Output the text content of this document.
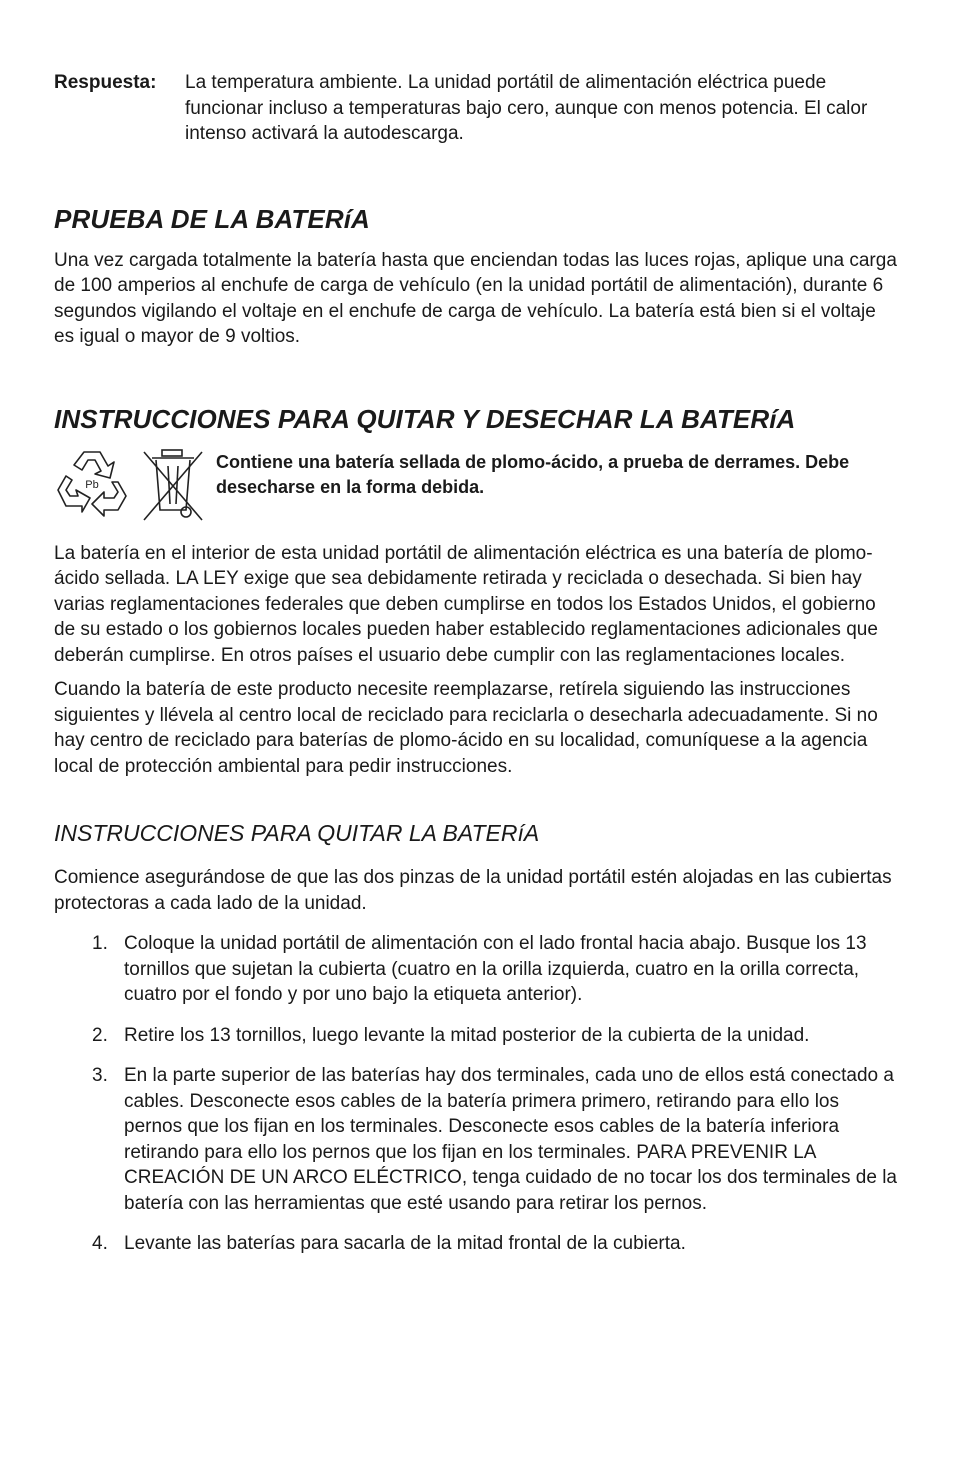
Respuesta:	La temperatura ambiente. La unidad portátil de alimentación eléctrica puede funcionar incluso a temperaturas bajo cero, aunque con menos potencia. El calor intenso activará la autodescarga.
PRUEBA DE LA BATERíA

Una vez cargada totalmente la batería hasta que enciendan todas las luces rojas, aplique una carga de 100 amperios al enchufe de carga de vehículo (en la unidad portátil de alimentación), durante 6 segundos vigilando el voltaje en el enchufe de carga de vehículo. La batería está bien si el voltaje es igual o mayor de 9 voltios.

INSTRUCCIONES PARA QUITAR Y DESECHAR LA BATERíA
Pb
Contiene una batería sellada de plomo-ácido, a prueba de derrames. Debe desecharse en la forma debida.

La batería en el interior de esta unidad portátil de alimentación eléctrica es una batería de plomo-ácido sellada. LA LEY exige que sea debidamente retirada y reciclada o desechada. Si bien hay varias reglamentaciones federales que deben cumplirse en todos los Estados Unidos, el gobierno de su estado o los gobiernos locales pueden haber establecido reglamentaciones adicionales que deberán cumplirse. En otros países el usuario debe cumplir con las reglamentaciones locales.

Cuando la batería de este producto necesite reemplazarse, retírela siguiendo las instrucciones siguientes y llévela al centro local de reciclado para reciclarla o desecharla adecuadamente. Si no hay centro de reciclado para baterías de plomo-ácido en su localidad, comuníquese a la agencia local de protección ambiental para pedir instrucciones.

INSTRUCCIONES PARA QUITAR LA BATERíA

Comience asegurándose de que las dos pinzas de la unidad portátil estén alojadas en las cubiertas protectoras a cada lado de la unidad.

1. Coloque la unidad portátil de alimentación con el lado frontal hacia abajo. Busque los 13 tornillos que sujetan la cubierta (cuatro en la orilla izquierda, cuatro en la orilla correcta, cuatro por el fondo y por uno bajo la etiqueta anterior).
2. Retire los 13 tornillos, luego levante la mitad posterior de la cubierta de la unidad.
3. En la parte superior de las baterías hay dos terminales, cada uno de ellos está conectado a cables. Desconecte esos cables de la batería primera primero, retirando para ello los pernos que los fijan en los terminales. Desconecte esos cables de la batería inferiora retirando para ello los pernos que los fijan en los terminales. PARA PREVENIR LA CREACIÓN DE UN ARCO ELÉCTRICO, tenga cuidado de no tocar los dos terminales de la batería con las herramientas que esté usando para retirar los pernos.
4. Levante las baterías para sacarla de la mitad frontal de la cubierta.
